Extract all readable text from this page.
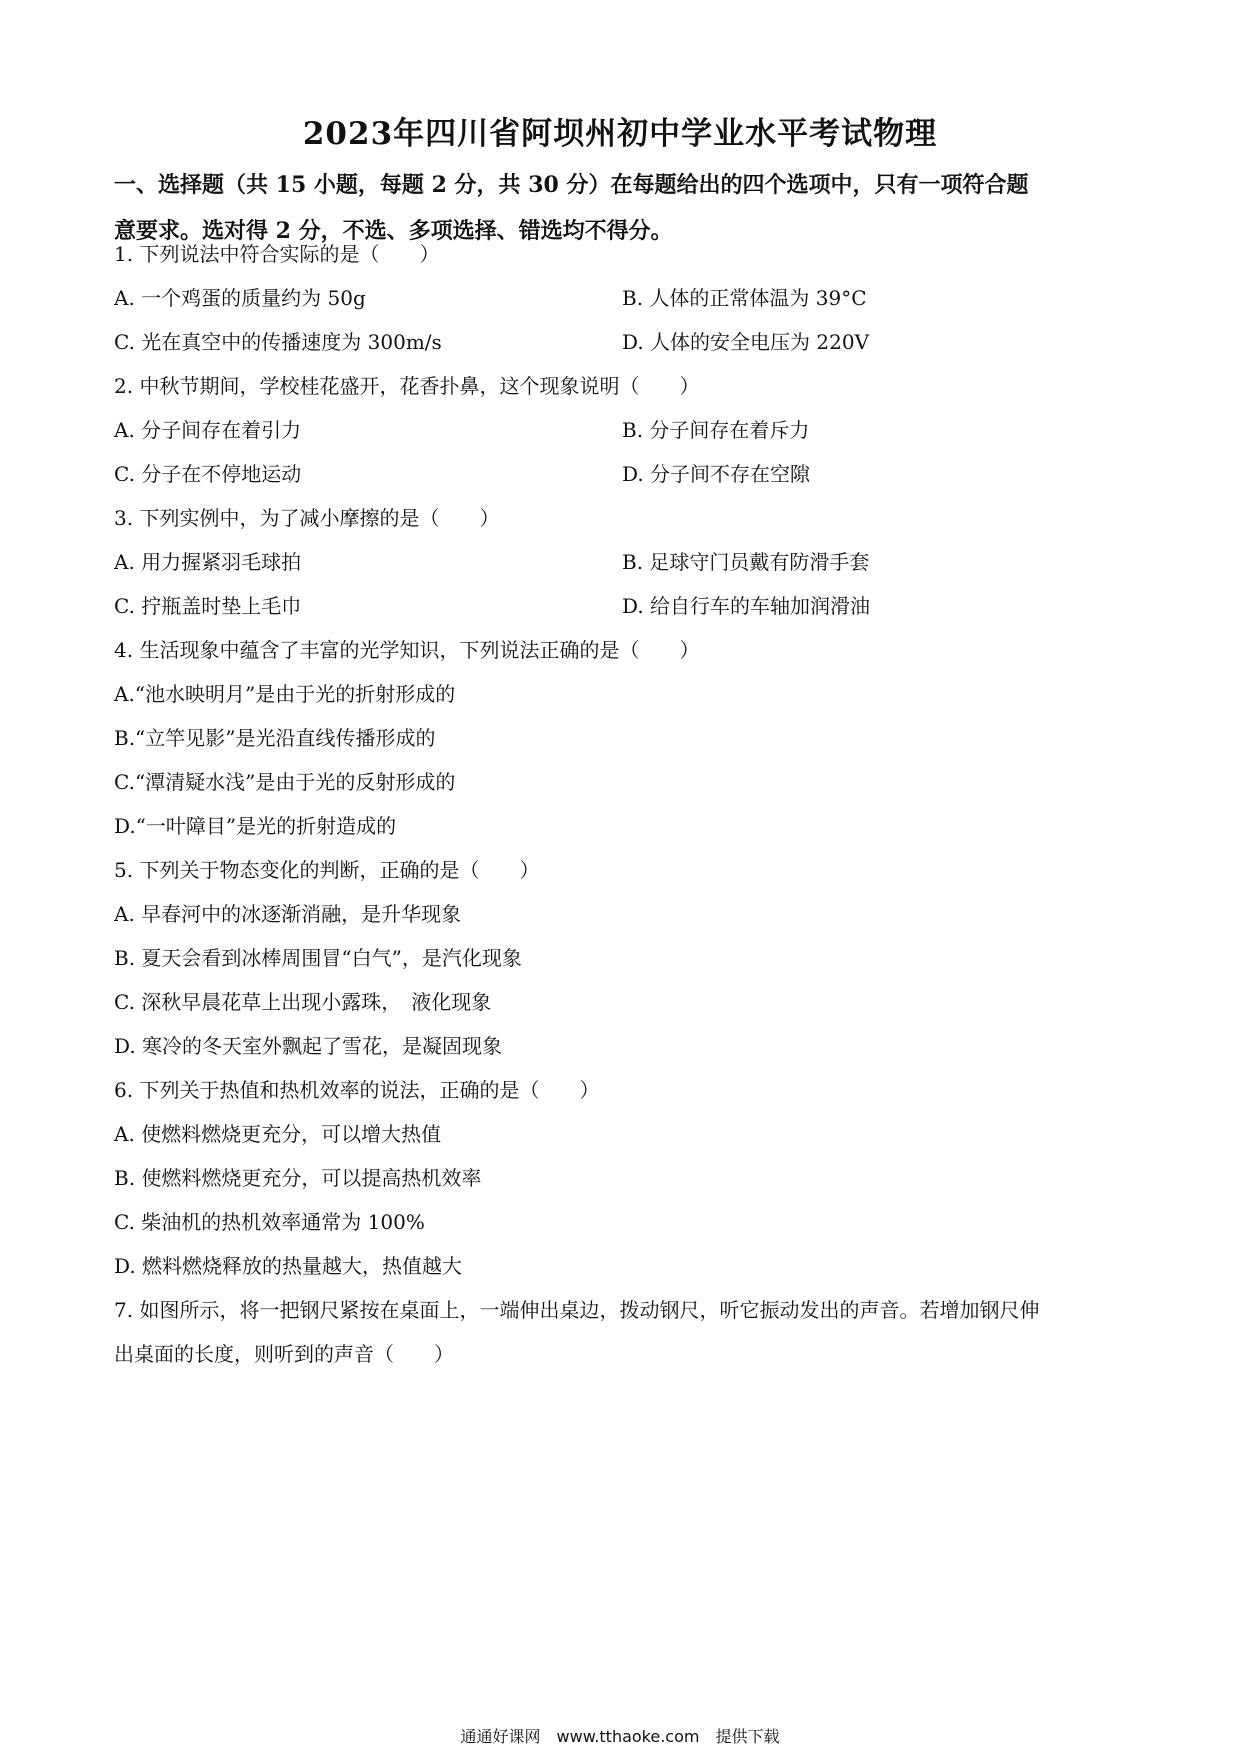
2023年四川省阿坝州初中学业水平考试物理
一、选择题（共 15 小题，每题 2 分，共 30 分）在每题给出的四个选项中，只有一项符合题
意要求。选对得 2 分，不选、多项选择、错选均不得分。
1. 下列说法中符合实际的是（　　）
A. 一个鸡蛋的质量约为 50g	B. 人体的正常体温为 39°C
C. 光在真空中的传播速度为 300m/s	D. 人体的安全电压为 220V
2. 中秋节期间，学校桂花盛开，花香扑鼻，这个现象说明（　　）
A. 分子间存在着引力	B. 分子间存在着斥力
C. 分子在不停地运动	D. 分子间不存在空隙
3. 下列实例中，为了减小摩擦的是（　　）
A. 用力握紧羽毛球拍	B. 足球守门员戴有防滑手套
C. 拧瓶盖时垫上毛巾	D. 给自行车的车轴加润滑油
4. 生活现象中蕴含了丰富的光学知识，下列说法正确的是（　　）
A.“池水映明月”是由于光的折射形成的
B.“立竿见影”是光沿直线传播形成的
C.“潭清疑水浅”是由于光的反射形成的
D.“一叶障目”是光的折射造成的
5. 下列关于物态变化的判断，正确的是（　　）
A. 早春河中的冰逐渐消融，是升华现象
B. 夏天会看到冰棒周围冒“白气”，是汽化现象
C. 深秋早晨花草上出现小露珠，　液化现象
D. 寒冷的冬天室外飘起了雪花，是凝固现象
6. 下列关于热值和热机效率的说法，正确的是（　　）
A. 使燃料燃烧更充分，可以增大热值
B. 使燃料燃烧更充分，可以提高热机效率
C. 柴油机的热机效率通常为 100%
D. 燃料燃烧释放的热量越大，热值越大
7. 如图所示，将一把钢尺紧按在桌面上，一端伸出桌边，拨动钢尺，听它振动发出的声音。若增加钢尺伸
出桌面的长度，则听到的声音（　　）
通通好课网　www.tthaoke.com　提供下载
